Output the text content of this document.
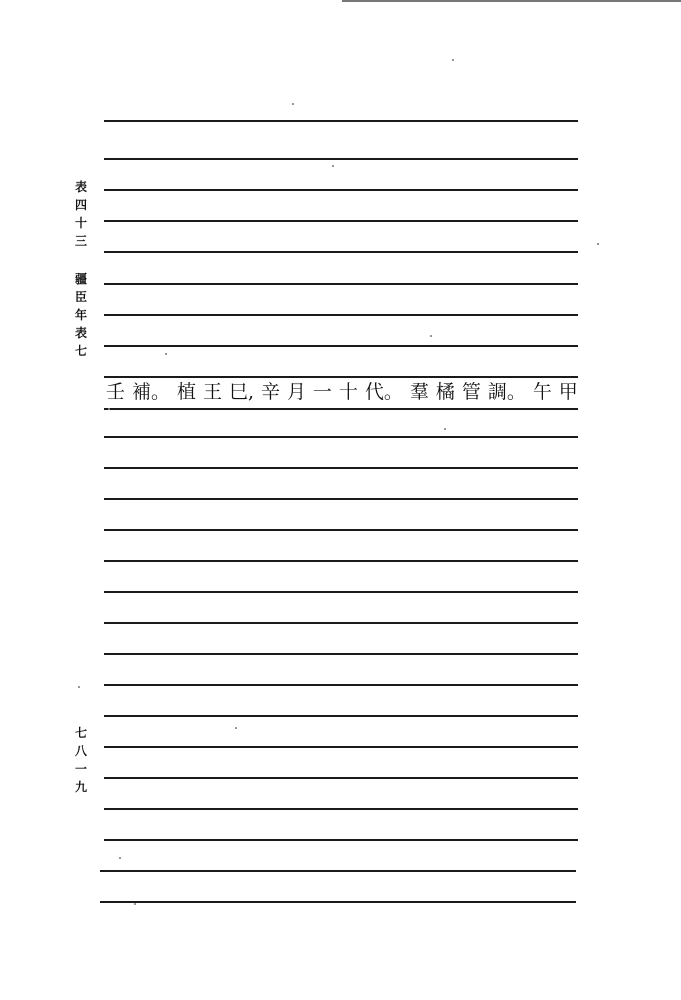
表
四
十
三
疆
臣
年
表
七
七
八
一
九
壬 補。 植 王 巳, 辛 月 一 十 代。 羣 橘 管 調。 午 甲
